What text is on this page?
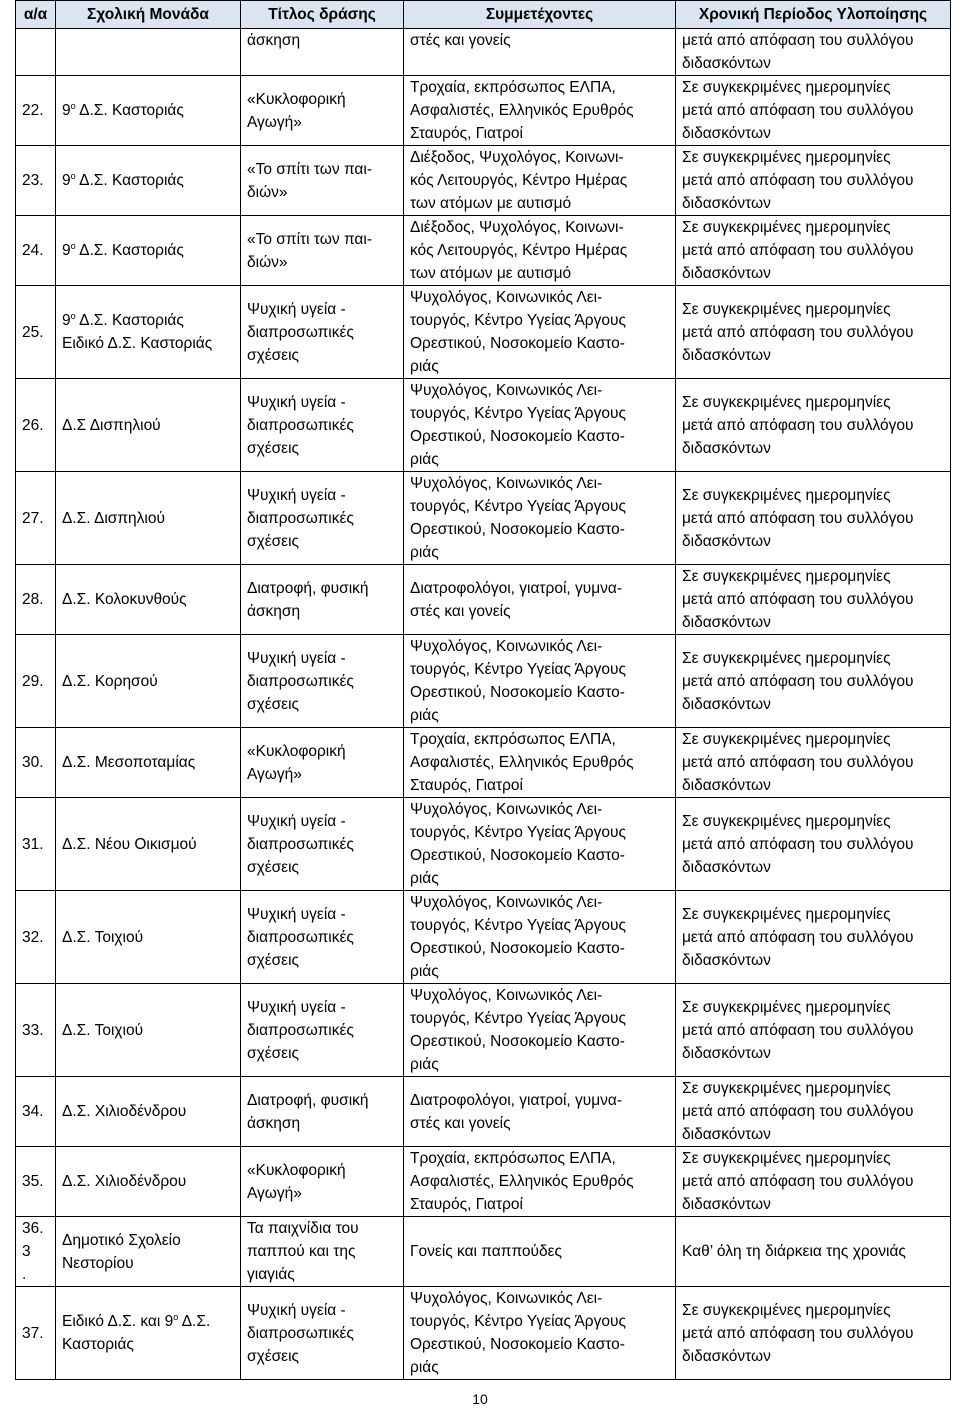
α/α	Σχολική Μονάδα	Τίτλος δράσης	Συμμετέχοντες	Χρονική Περίοδος Υλοποίησης
		άσκηση	στές και γονείς	μετά από απόφαση του συλλόγου
διδασκόντων
22.	$9^o$ Δ.Σ. Καστοριάς	«Κυκλοφορική
Αγωγή»	Τροχαία, εκπρόσωπος ΕΛΠΑ,
Ασφαλιστές, Ελληνικός Ερυθρός
Σταυρός, Γιατροί	Σε συγκεκριμένες ημερομηνίες
μετά από απόφαση του συλλόγου
διδασκόντων
23.	$9^o$ Δ.Σ. Καστοριάς	«Το σπίτι των παι-
διών»	Διέξοδος, Ψυχολόγος, Κοινωνι-
κός Λειτουργός, Κέντρο Ημέρας
των ατόμων με αυτισμό	Σε συγκεκριμένες ημερομηνίες
μετά από απόφαση του συλλόγου
διδασκόντων
24.	$9^o$ Δ.Σ. Καστοριάς	«Το σπίτι των παι-
διών»	Διέξοδος, Ψυχολόγος, Κοινωνι-
κός Λειτουργός, Κέντρο Ημέρας
των ατόμων με αυτισμό	Σε συγκεκριμένες ημερομηνίες
μετά από απόφαση του συλλόγου
διδασκόντων
25.	$9^o$ Δ.Σ. Καστοριάς
Ειδικό Δ.Σ. Καστοριάς	Ψυχική υγεία -
διαπροσωπικές
σχέσεις	Ψυχολόγος, Κοινωνικός Λει-
τουργός, Κέντρο Υγείας Άργους
Ορεστικού, Νοσοκομείο Καστο-
ριάς	Σε συγκεκριμένες ημερομηνίες
μετά από απόφαση του συλλόγου
διδασκόντων
26.	Δ.Σ Δισπηλιού	Ψυχική υγεία -
διαπροσωπικές
σχέσεις	Ψυχολόγος, Κοινωνικός Λει-
τουργός, Κέντρο Υγείας Άργους
Ορεστικού, Νοσοκομείο Καστο-
ριάς	Σε συγκεκριμένες ημερομηνίες
μετά από απόφαση του συλλόγου
διδασκόντων
27.	Δ.Σ. Δισπηλιού	Ψυχική υγεία -
διαπροσωπικές
σχέσεις	Ψυχολόγος, Κοινωνικός Λει-
τουργός, Κέντρο Υγείας Άργους
Ορεστικού, Νοσοκομείο Καστο-
ριάς	Σε συγκεκριμένες ημερομηνίες
μετά από απόφαση του συλλόγου
διδασκόντων
28.	Δ.Σ. Κολοκυνθούς	Διατροφή, φυσική
άσκηση	Διατροφολόγοι, γιατροί, γυμνα-
στές και γονείς	Σε συγκεκριμένες ημερομηνίες
μετά από απόφαση του συλλόγου
διδασκόντων
29.	Δ.Σ. Κορησού	Ψυχική υγεία -
διαπροσωπικές
σχέσεις	Ψυχολόγος, Κοινωνικός Λει-
τουργός, Κέντρο Υγείας Άργους
Ορεστικού, Νοσοκομείο Καστο-
ριάς	Σε συγκεκριμένες ημερομηνίες
μετά από απόφαση του συλλόγου
διδασκόντων
30.	Δ.Σ. Μεσοποταμίας	«Κυκλοφορική
Αγωγή»	Τροχαία, εκπρόσωπος ΕΛΠΑ,
Ασφαλιστές, Ελληνικός Ερυθρός
Σταυρός, Γιατροί	Σε συγκεκριμένες ημερομηνίες
μετά από απόφαση του συλλόγου
διδασκόντων
31.	Δ.Σ. Νέου Οικισμού	Ψυχική υγεία -
διαπροσωπικές
σχέσεις	Ψυχολόγος, Κοινωνικός Λει-
τουργός, Κέντρο Υγείας Άργους
Ορεστικού, Νοσοκομείο Καστο-
ριάς	Σε συγκεκριμένες ημερομηνίες
μετά από απόφαση του συλλόγου
διδασκόντων
32.	Δ.Σ. Τοιχιού	Ψυχική υγεία -
διαπροσωπικές
σχέσεις	Ψυχολόγος, Κοινωνικός Λει-
τουργός, Κέντρο Υγείας Άργους
Ορεστικού, Νοσοκομείο Καστο-
ριάς	Σε συγκεκριμένες ημερομηνίες
μετά από απόφαση του συλλόγου
διδασκόντων
33.	Δ.Σ. Τοιχιού	Ψυχική υγεία -
διαπροσωπικές
σχέσεις	Ψυχολόγος, Κοινωνικός Λει-
τουργός, Κέντρο Υγείας Άργους
Ορεστικού, Νοσοκομείο Καστο-
ριάς	Σε συγκεκριμένες ημερομηνίες
μετά από απόφαση του συλλόγου
διδασκόντων
34.	Δ.Σ. Χιλιοδένδρου	Διατροφή, φυσική
άσκηση	Διατροφολόγοι, γιατροί, γυμνα-
στές και γονείς	Σε συγκεκριμένες ημερομηνίες
μετά από απόφαση του συλλόγου
διδασκόντων
35.	Δ.Σ. Χιλιοδένδρου	«Κυκλοφορική
Αγωγή»	Τροχαία, εκπρόσωπος ΕΛΠΑ,
Ασφαλιστές, Ελληνικός Ερυθρός
Σταυρός, Γιατροί	Σε συγκεκριμένες ημερομηνίες
μετά από απόφαση του συλλόγου
διδασκόντων
36. 3
.	Δημοτικό Σχολείο
Νεστορίου	Τα παιχνίδια του
παππού και της
γιαγιάς	Γονείς και παππούδες	Καθ’ όλη τη διάρκεια της χρονιάς
37.	Ειδικό Δ.Σ. και $9^o$ Δ.Σ.
Καστοριάς	Ψυχική υγεία -
διαπροσωπικές
σχέσεις	Ψυχολόγος, Κοινωνικός Λει-
τουργός, Κέντρο Υγείας Άργους
Ορεστικού, Νοσοκομείο Καστο-
ριάς	Σε συγκεκριμένες ημερομηνίες
μετά από απόφαση του συλλόγου
διδασκόντων
10
